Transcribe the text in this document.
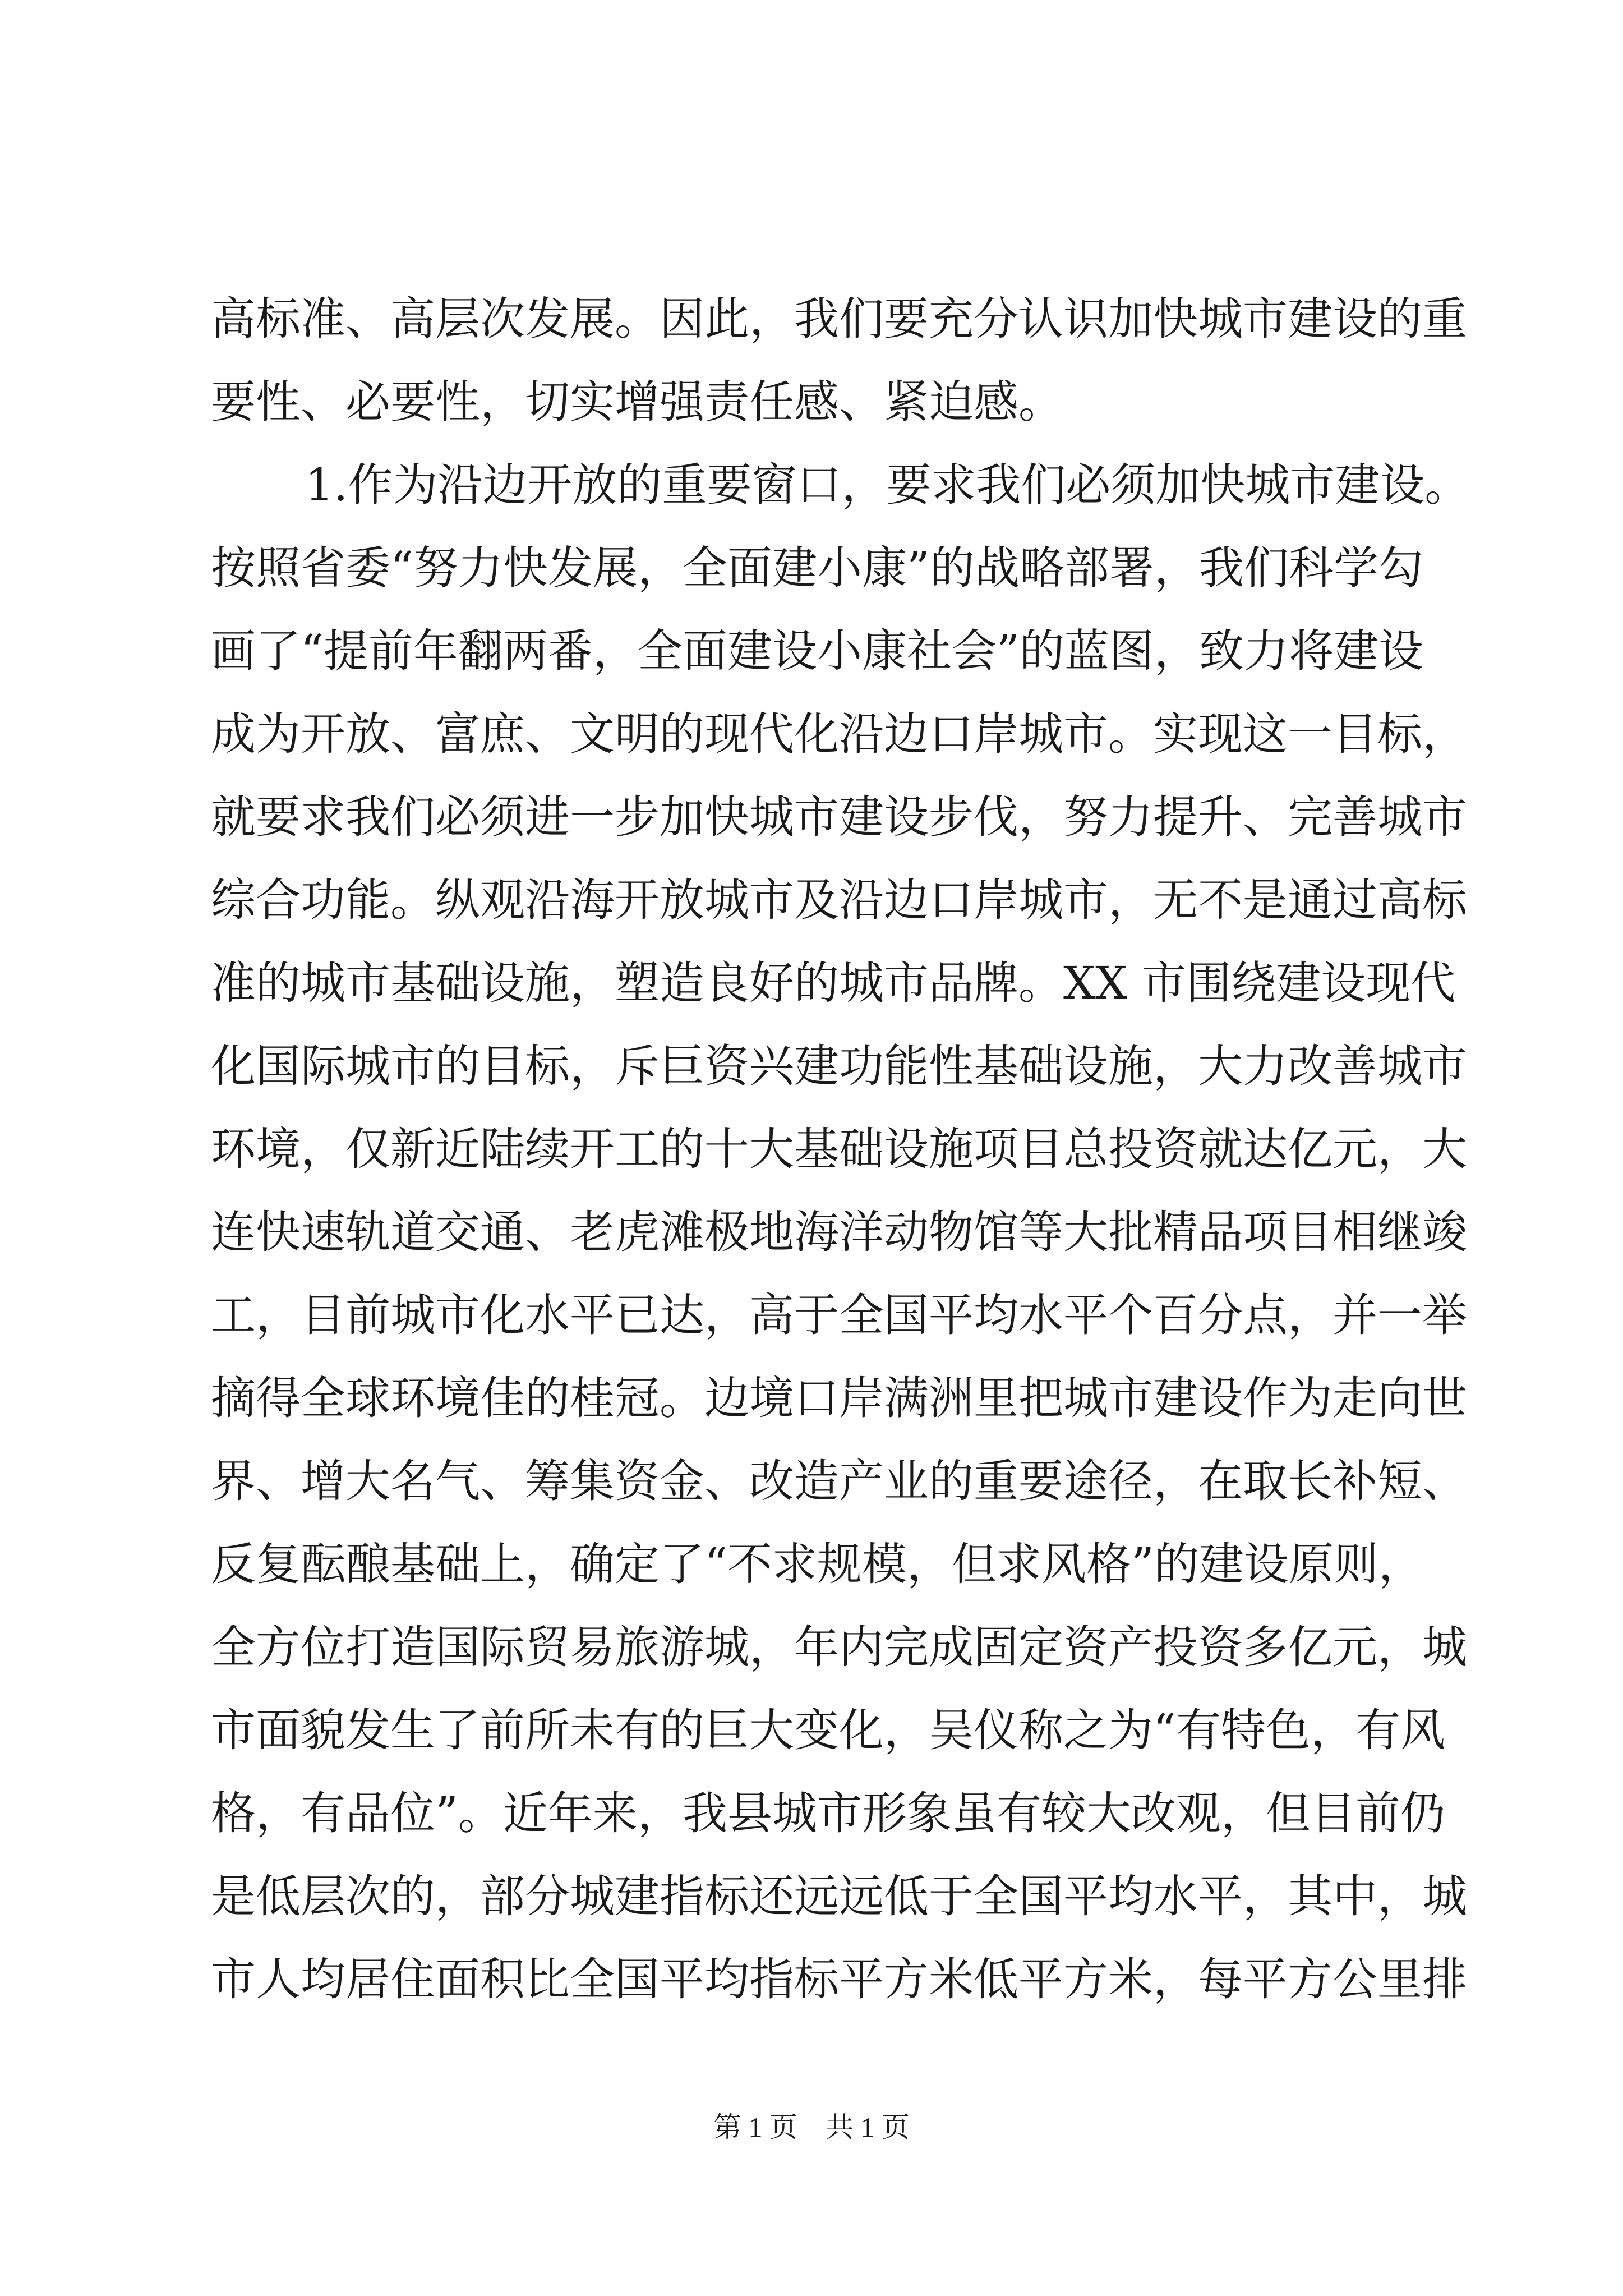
高标准、高层次发展。因此，我们要充分认识加快城市建设的重
要性、必要性，切实增强责任感、紧迫感。
1.作为沿边开放的重要窗口，要求我们必须加快城市建设。
按照省委“努力快发展，全面建小康”的战略部署，我们科学勾
画了“提前年翻两番，全面建设小康社会”的蓝图，致力将建设
成为开放、富庶、文明的现代化沿边口岸城市。实现这一目标，
就要求我们必须进一步加快城市建设步伐，努力提升、完善城市
综合功能。纵观沿海开放城市及沿边口岸城市，无不是通过高标
准的城市基础设施，塑造良好的城市品牌。XX 市围绕建设现代
化国际城市的目标，斥巨资兴建功能性基础设施，大力改善城市
环境，仅新近陆续开工的十大基础设施项目总投资就达亿元，大
连快速轨道交通、老虎滩极地海洋动物馆等大批精品项目相继竣
工，目前城市化水平已达，高于全国平均水平个百分点，并一举
摘得全球环境佳的桂冠。边境口岸满洲里把城市建设作为走向世
界、增大名气、筹集资金、改造产业的重要途径，在取长补短、
反复酝酿基础上，确定了“不求规模，但求风格”的建设原则，
全方位打造国际贸易旅游城，年内完成固定资产投资多亿元，城
市面貌发生了前所未有的巨大变化，吴仪称之为“有特色，有风
格，有品位”。近年来，我县城市形象虽有较大改观，但目前仍
是低层次的，部分城建指标还远远低于全国平均水平，其中，城
市人均居住面积比全国平均指标平方米低平方米，每平方公里排
第 1 页　共 1 页
